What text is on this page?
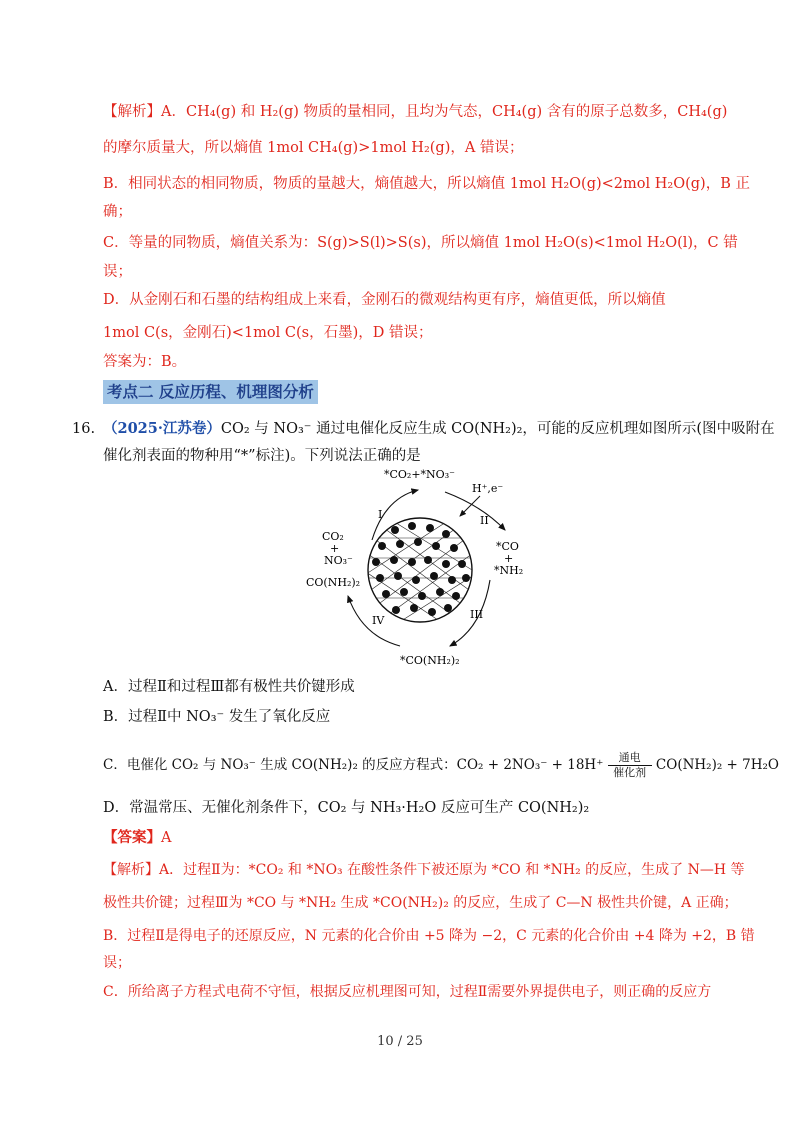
【解析】A．CH₄(g) 和 H₂(g) 物质的量相同，且均为气态，CH₄(g) 含有的原子总数多，CH₄(g)
的摩尔质量大，所以熵值 1mol CH₄(g)>1mol H₂(g)，A 错误；
B．相同状态的相同物质，物质的量越大，熵值越大，所以熵值 1mol H₂O(g)<2mol H₂O(g)，B 正
确；
C．等量的同物质，熵值关系为：S(g)>S(l)>S(s)，所以熵值 1mol H₂O(s)<1mol H₂O(l)，C 错
误；
D．从金刚石和石墨的结构组成上来看，金刚石的微观结构更有序，熵值更低，所以熵值
1mol C(s，金刚石)<1mol C(s，石墨)，D 错误；
答案为：B。
考点二 反应历程、机理图分析
16. （2025·江苏卷）CO₂ 与 NO₃⁻ 通过电催化反应生成 CO(NH₂)₂，可能的反应机理如图所示(图中吸附在
催化剂表面的物种用“*”标注)。下列说法正确的是
*CO₂+*NO₃⁻
H⁺,e⁻
CO₂
+
NO₃⁻
CO(NH₂)₂
*CO
+
*NH₂
*CO(NH₂)₂
I	II
III
IV
A．过程Ⅱ和过程Ⅲ都有极性共价键形成
B．过程Ⅱ中 NO₃⁻ 发生了氧化反应
C．电催化 CO₂ 与 NO₃⁻ 生成 CO(NH₂)₂ 的反应方程式：$CO_2 + 2NO_3^- + 18H^+ \frac{\text{通电}}{\text{催化剂}} CO(NH_2)_2 + 7H_2O$
D．常温常压、无催化剂条件下，CO₂ 与 NH₃·H₂O 反应可生产 CO(NH₂)₂
【答案】A
【解析】A．过程Ⅱ为：*CO₂ 和 *NO₃ 在酸性条件下被还原为 *CO 和 *NH₂ 的反应，生成了 N—H 等
极性共价键；过程Ⅲ为 *CO 与 *NH₂ 生成 *CO(NH₂)₂ 的反应，生成了 C—N 极性共价键，A 正确；
B．过程Ⅱ是得电子的还原反应，N 元素的化合价由 +5 降为 −2，C 元素的化合价由 +4 降为 +2，B 错
误；
C．所给离子方程式电荷不守恒，根据反应机理图可知，过程Ⅱ需要外界提供电子，则正确的反应方
10 / 25
